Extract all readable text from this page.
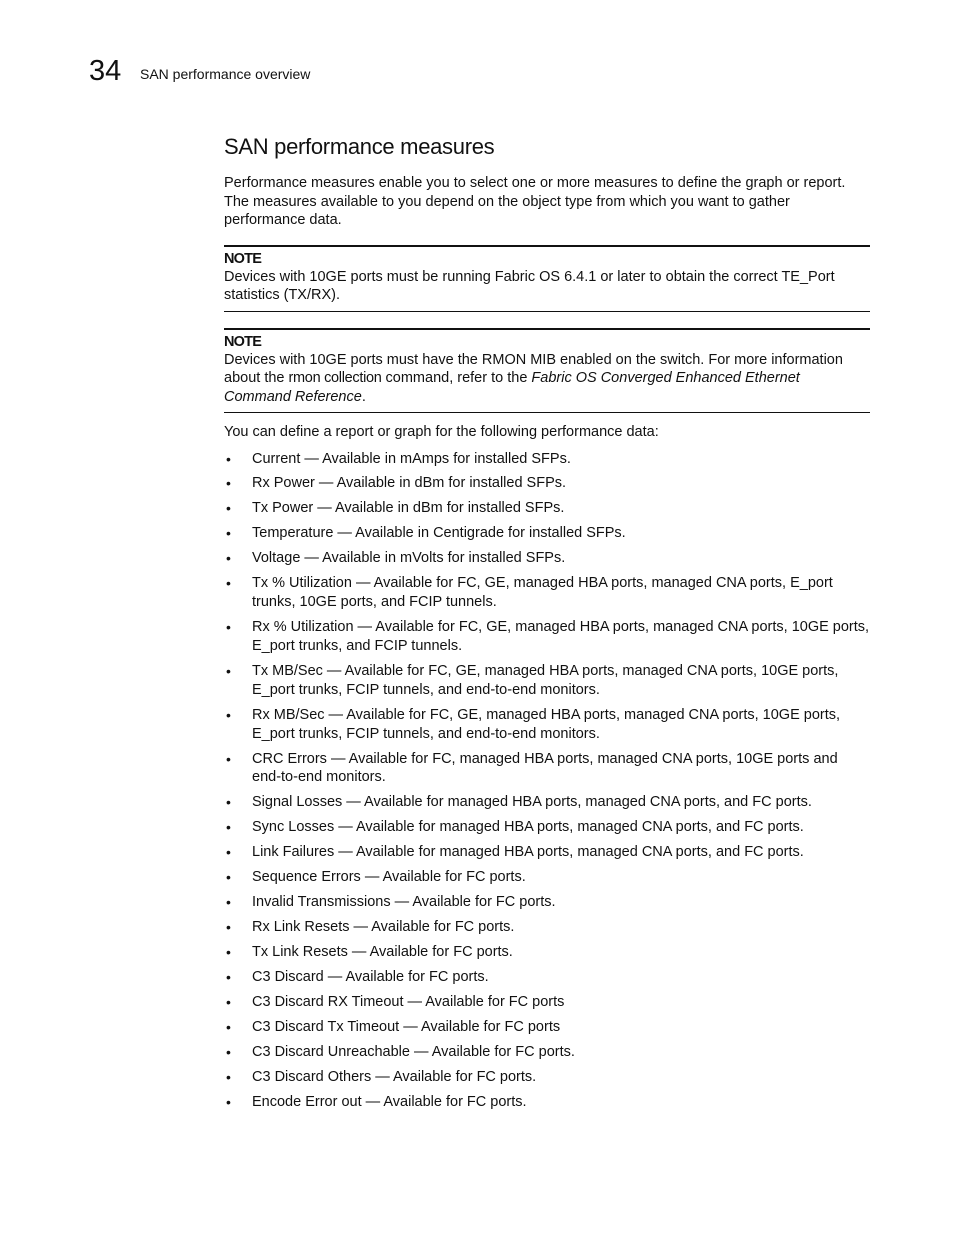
34 SAN performance overview
SAN performance measures

Performance measures enable you to select one or more measures to define the graph or report. The measures available to you depend on the object type from which you want to gather performance data.

NOTE

Devices with 10GE ports must be running Fabric OS 6.4.1 or later to obtain the correct TE_Port statistics (TX/RX).

NOTE

Devices with 10GE ports must have the RMON MIB enabled on the switch. For more information about the rmon collection command, refer to the Fabric OS Converged Enhanced Ethernet Command Reference.

You can define a report or graph for the following performance data:

• Current — Available in mAmps for installed SFPs.
• Rx Power — Available in dBm for installed SFPs.
• Tx Power — Available in dBm for installed SFPs.
• Temperature — Available in Centigrade for installed SFPs.
• Voltage — Available in mVolts for installed SFPs.
• Tx % Utilization — Available for FC, GE, managed HBA ports, managed CNA ports, E_port trunks, 10GE ports, and FCIP tunnels.
• Rx % Utilization — Available for FC, GE, managed HBA ports, managed CNA ports, 10GE ports, E_port trunks, and FCIP tunnels.
• Tx MB/Sec — Available for FC, GE, managed HBA ports, managed CNA ports, 10GE ports, E_port trunks, FCIP tunnels, and end-to-end monitors.
• Rx MB/Sec — Available for FC, GE, managed HBA ports, managed CNA ports, 10GE ports, E_port trunks, FCIP tunnels, and end-to-end monitors.
• CRC Errors — Available for FC, managed HBA ports, managed CNA ports, 10GE ports and end-to-end monitors.
• Signal Losses — Available for managed HBA ports, managed CNA ports, and FC ports.
• Sync Losses — Available for managed HBA ports, managed CNA ports, and FC ports.
• Link Failures — Available for managed HBA ports, managed CNA ports, and FC ports.
• Sequence Errors — Available for FC ports.
• Invalid Transmissions — Available for FC ports.
• Rx Link Resets — Available for FC ports.
• Tx Link Resets — Available for FC ports.
• C3 Discard — Available for FC ports.
• C3 Discard RX Timeout — Available for FC ports
• C3 Discard Tx Timeout — Available for FC ports
• C3 Discard Unreachable — Available for FC ports.
• C3 Discard Others — Available for FC ports.
• Encode Error out — Available for FC ports.
